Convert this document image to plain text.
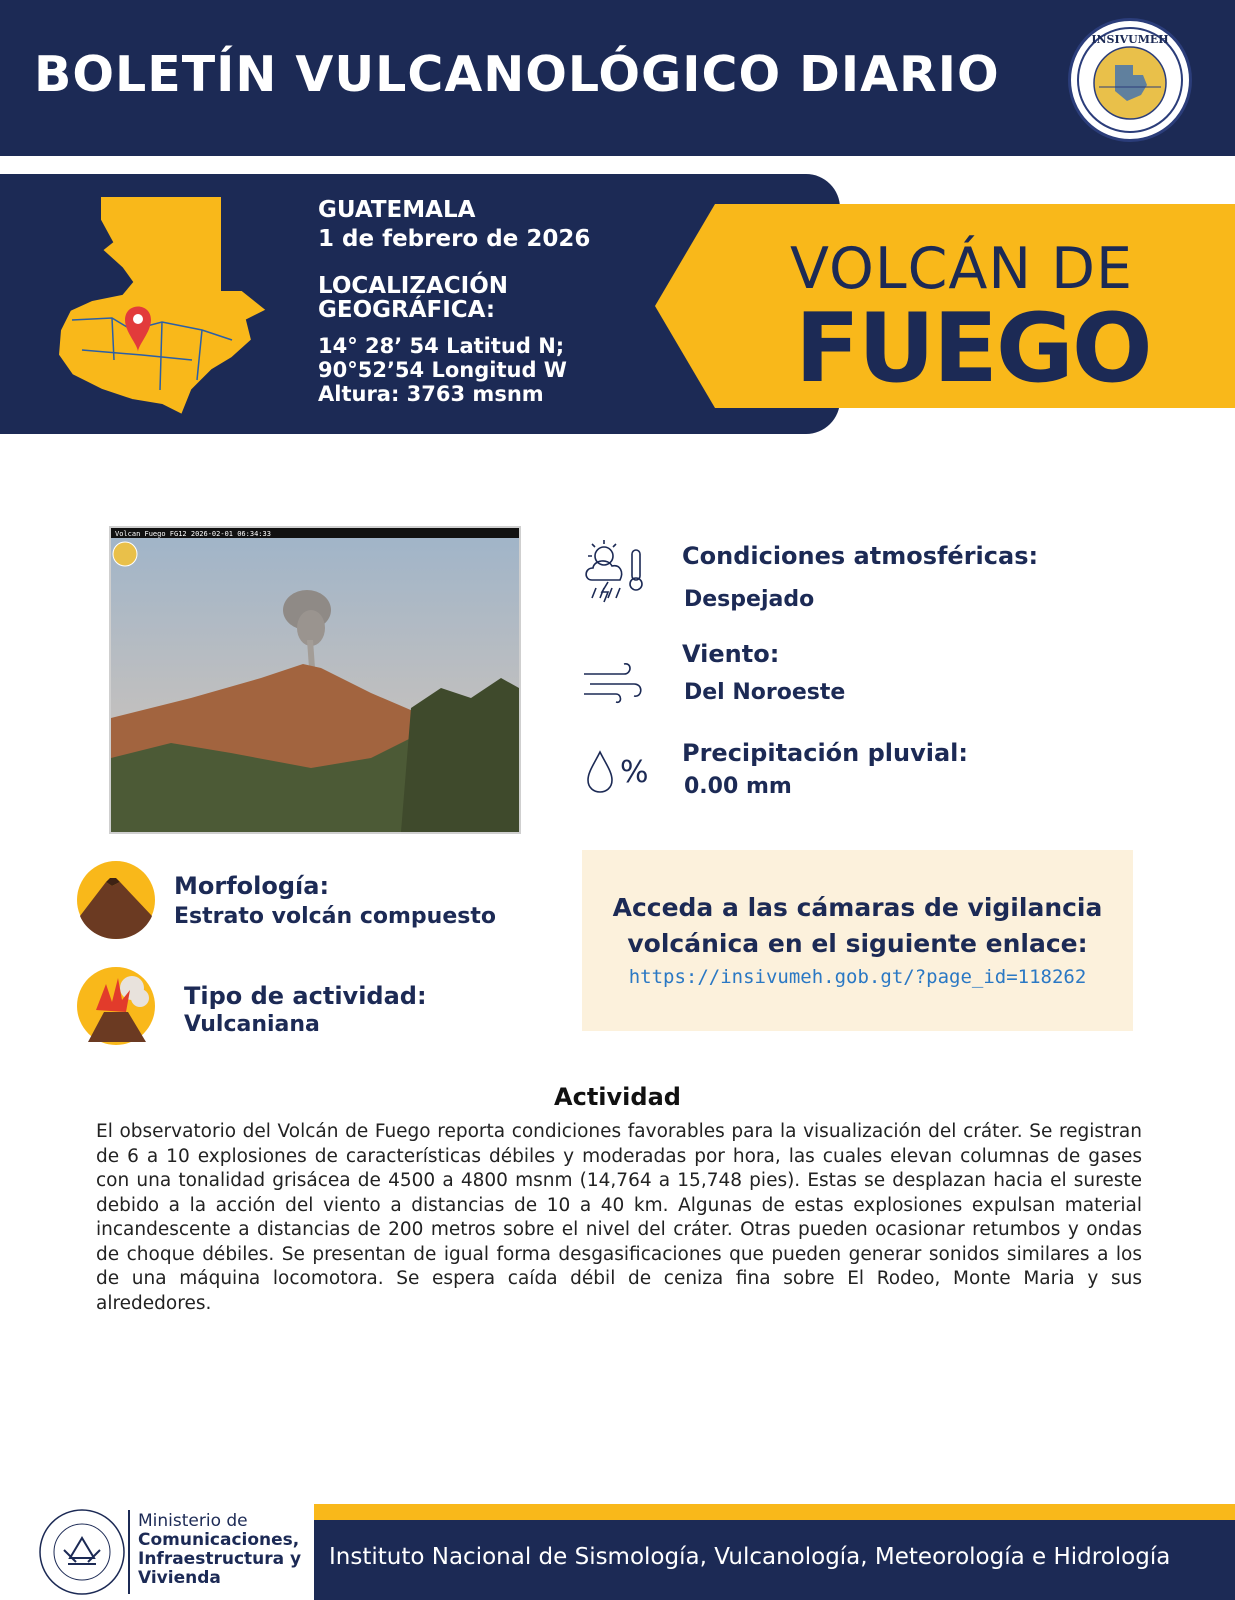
BOLETÍN VULCANOLÓGICO DIARIO
INSIVUMEH
GUATEMALA
1 de febrero de 2026
LOCALIZACIÓN
GEOGRÁFICA:
14° 28’ 54 Latitud N;
90°52’54 Longitud W
Altura: 3763 msnm
VOLCÁN DE
FUEGO
Volcan Fuego FG12 2026-02-01 06:34:33
Condiciones atmosféricas:
Despejado
Viento:
Del Noroeste
%
Precipitación pluvial:
0.00 mm
Morfología:
Estrato volcán compuesto
Tipo de actividad:
Vulcaniana
Acceda a las cámaras de vigilancia
volcánica en el siguiente enlace:
https://insivumeh.gob.gt/?page_id=118262
Actividad
El observatorio del Volcán de Fuego reporta condiciones favorables para la visualización del cráter. Se registran de 6 a 10 explosiones de características débiles y moderadas por hora, las cuales elevan columnas de gases con una tonalidad grisácea de 4500 a 4800 msnm (14,764 a 15,748 pies). Estas se desplazan hacia el sureste debido a la acción del viento a distancias de 10 a 40 km. Algunas de estas explosiones expulsan material incandescente a distancias de 200 metros sobre el nivel del cráter. Otras pueden ocasionar retumbos y ondas de choque débiles. Se presentan de igual forma desgasificaciones que pueden generar sonidos similares a los de una máquina locomotora. Se espera caída débil de ceniza fina sobre El Rodeo, Monte Maria y sus alrededores.
Ministerio de
Comunicaciones,
Infraestructura y
Vivienda
Instituto Nacional de Sismología, Vulcanología, Meteorología e Hidrología
